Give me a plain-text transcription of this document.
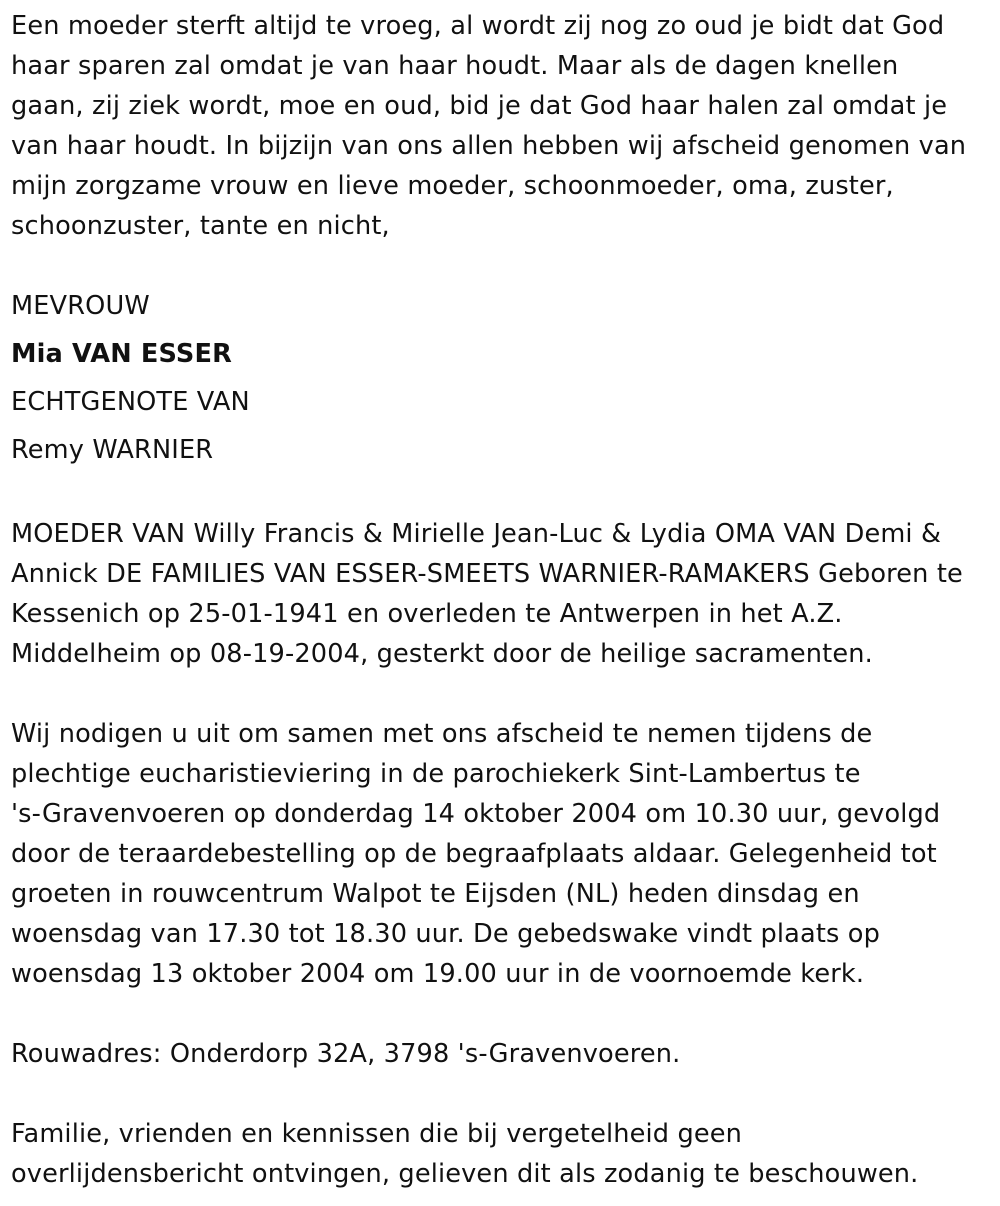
Een moeder sterft altijd te vroeg, al wordt zij nog zo oud je bidt dat God

haar sparen zal omdat je van haar houdt. Maar als de dagen knellen

gaan, zij ziek wordt, moe en oud, bid je dat God haar halen zal omdat je

van haar houdt. In bijzijn van ons allen hebben wij afscheid genomen van

mijn zorgzame vrouw en lieve moeder, schoonmoeder, oma, zuster,

schoonzuster, tante en nicht,

MEVROUW

Mia VAN ESSER

ECHTGENOTE VAN

Remy WARNIER

MOEDER VAN Willy Francis & Mirielle Jean-Luc & Lydia OMA VAN Demi &

Annick DE FAMILIES VAN ESSER-SMEETS WARNIER-RAMAKERS Geboren te

Kessenich op 25-01-1941 en overleden te Antwerpen in het A.Z.

Middelheim op 08-19-2004, gesterkt door de heilige sacramenten.

Wij nodigen u uit om samen met ons afscheid te nemen tijdens de

plechtige eucharistieviering in de parochiekerk Sint-Lambertus te

's-Gravenvoeren op donderdag 14 oktober 2004 om 10.30 uur, gevolgd

door de teraardebestelling op de begraafplaats aldaar. Gelegenheid tot

groeten in rouwcentrum Walpot te Eijsden (NL) heden dinsdag en

woensdag van 17.30 tot 18.30 uur. De gebedswake vindt plaats op

woensdag 13 oktober 2004 om 19.00 uur in de voornoemde kerk.

Rouwadres: Onderdorp 32A, 3798 's-Gravenvoeren.

Familie, vrienden en kennissen die bij vergetelheid geen

overlijdensbericht ontvingen, gelieven dit als zodanig te beschouwen.
